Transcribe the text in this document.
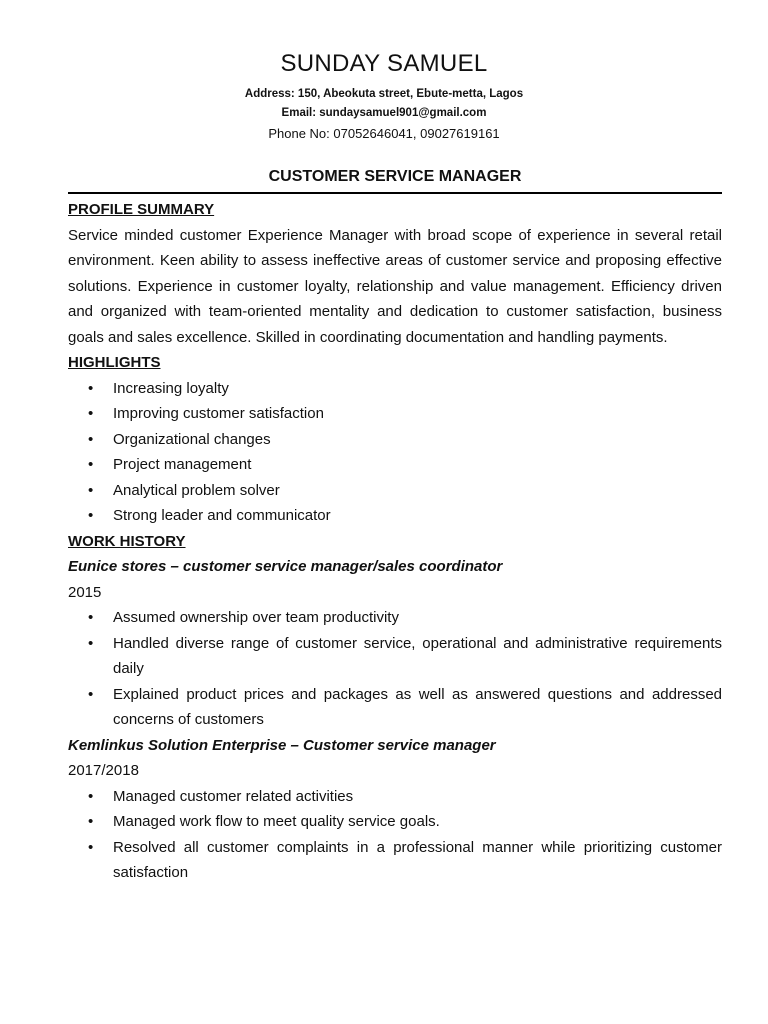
SUNDAY SAMUEL
Address: 150, Abeokuta street, Ebute-metta, Lagos
Email: sundaysamuel901@gmail.com
Phone No: 07052646041, 09027619161
CUSTOMER SERVICE MANAGER
PROFILE SUMMARY

Service minded customer Experience Manager with broad scope of experience in several retail environment. Keen ability to assess ineffective areas of customer service and proposing effective solutions. Experience in customer loyalty, relationship and value management. Efficiency driven and organized with team-oriented mentality and dedication to customer satisfaction, business goals and sales excellence. Skilled in coordinating documentation and handling payments.

HIGHLIGHTS
• Increasing loyalty
• Improving customer satisfaction
• Organizational changes
• Project management
• Analytical problem solver
• Strong leader and communicator
WORK HISTORY
Eunice stores – customer service manager/sales coordinator
2015
• Assumed ownership over team productivity
• Handled diverse range of customer service, operational and administrative requirements daily
• Explained product prices and packages as well as answered questions and addressed concerns of customers
Kemlinkus Solution Enterprise – Customer service manager
2017/2018
• Managed customer related activities
• Managed work flow to meet quality service goals.
• Resolved all customer complaints in a professional manner while prioritizing customer satisfaction
